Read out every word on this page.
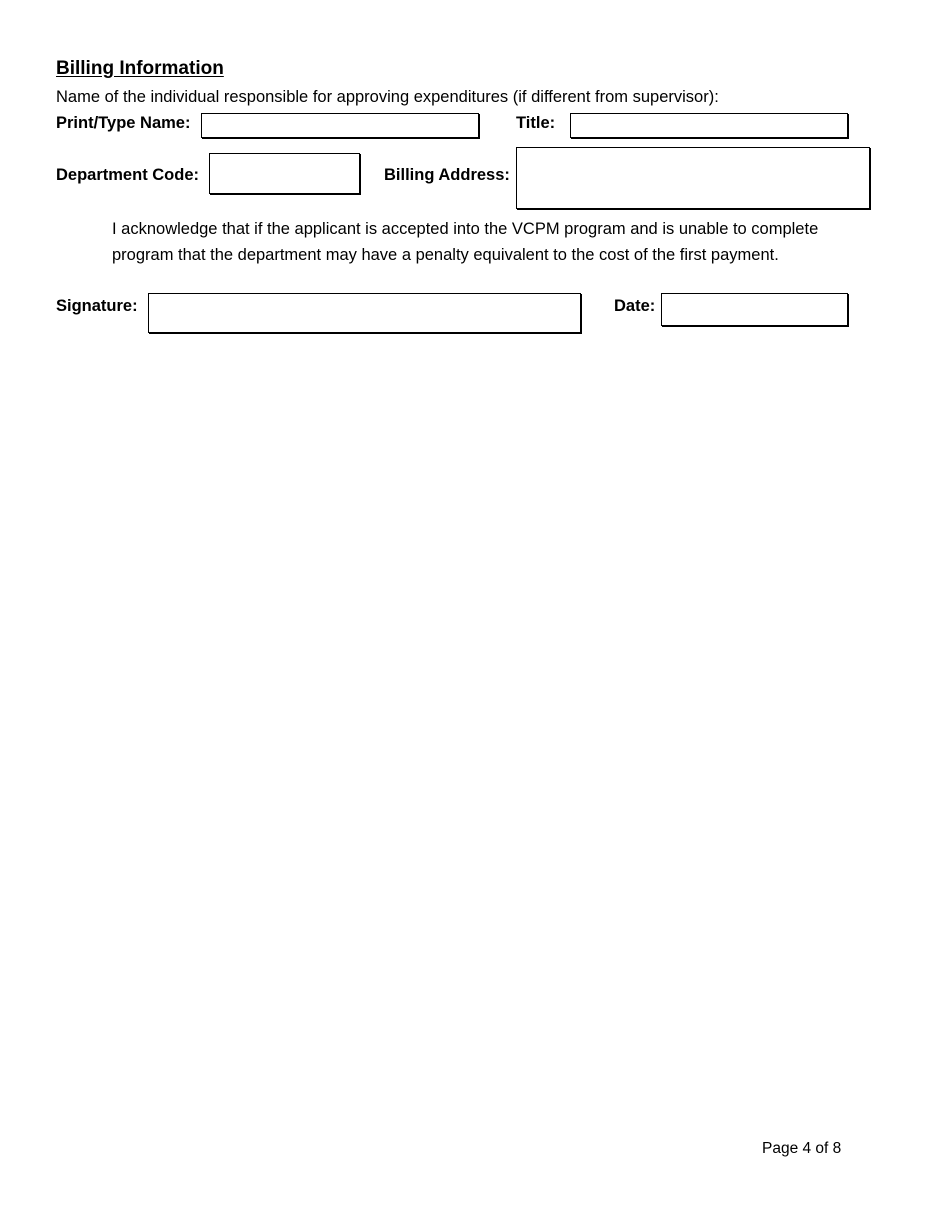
Billing Information
Name of the individual responsible for approving expenditures (if different from supervisor):
Print/Type Name:	Title:
Department Code:	Billing Address:
I acknowledge that if the applicant is accepted into the VCPM program and is unable to complete program that the department may have a penalty equivalent to the cost of the first payment.
Signature:	Date:
Page 4 of 8
